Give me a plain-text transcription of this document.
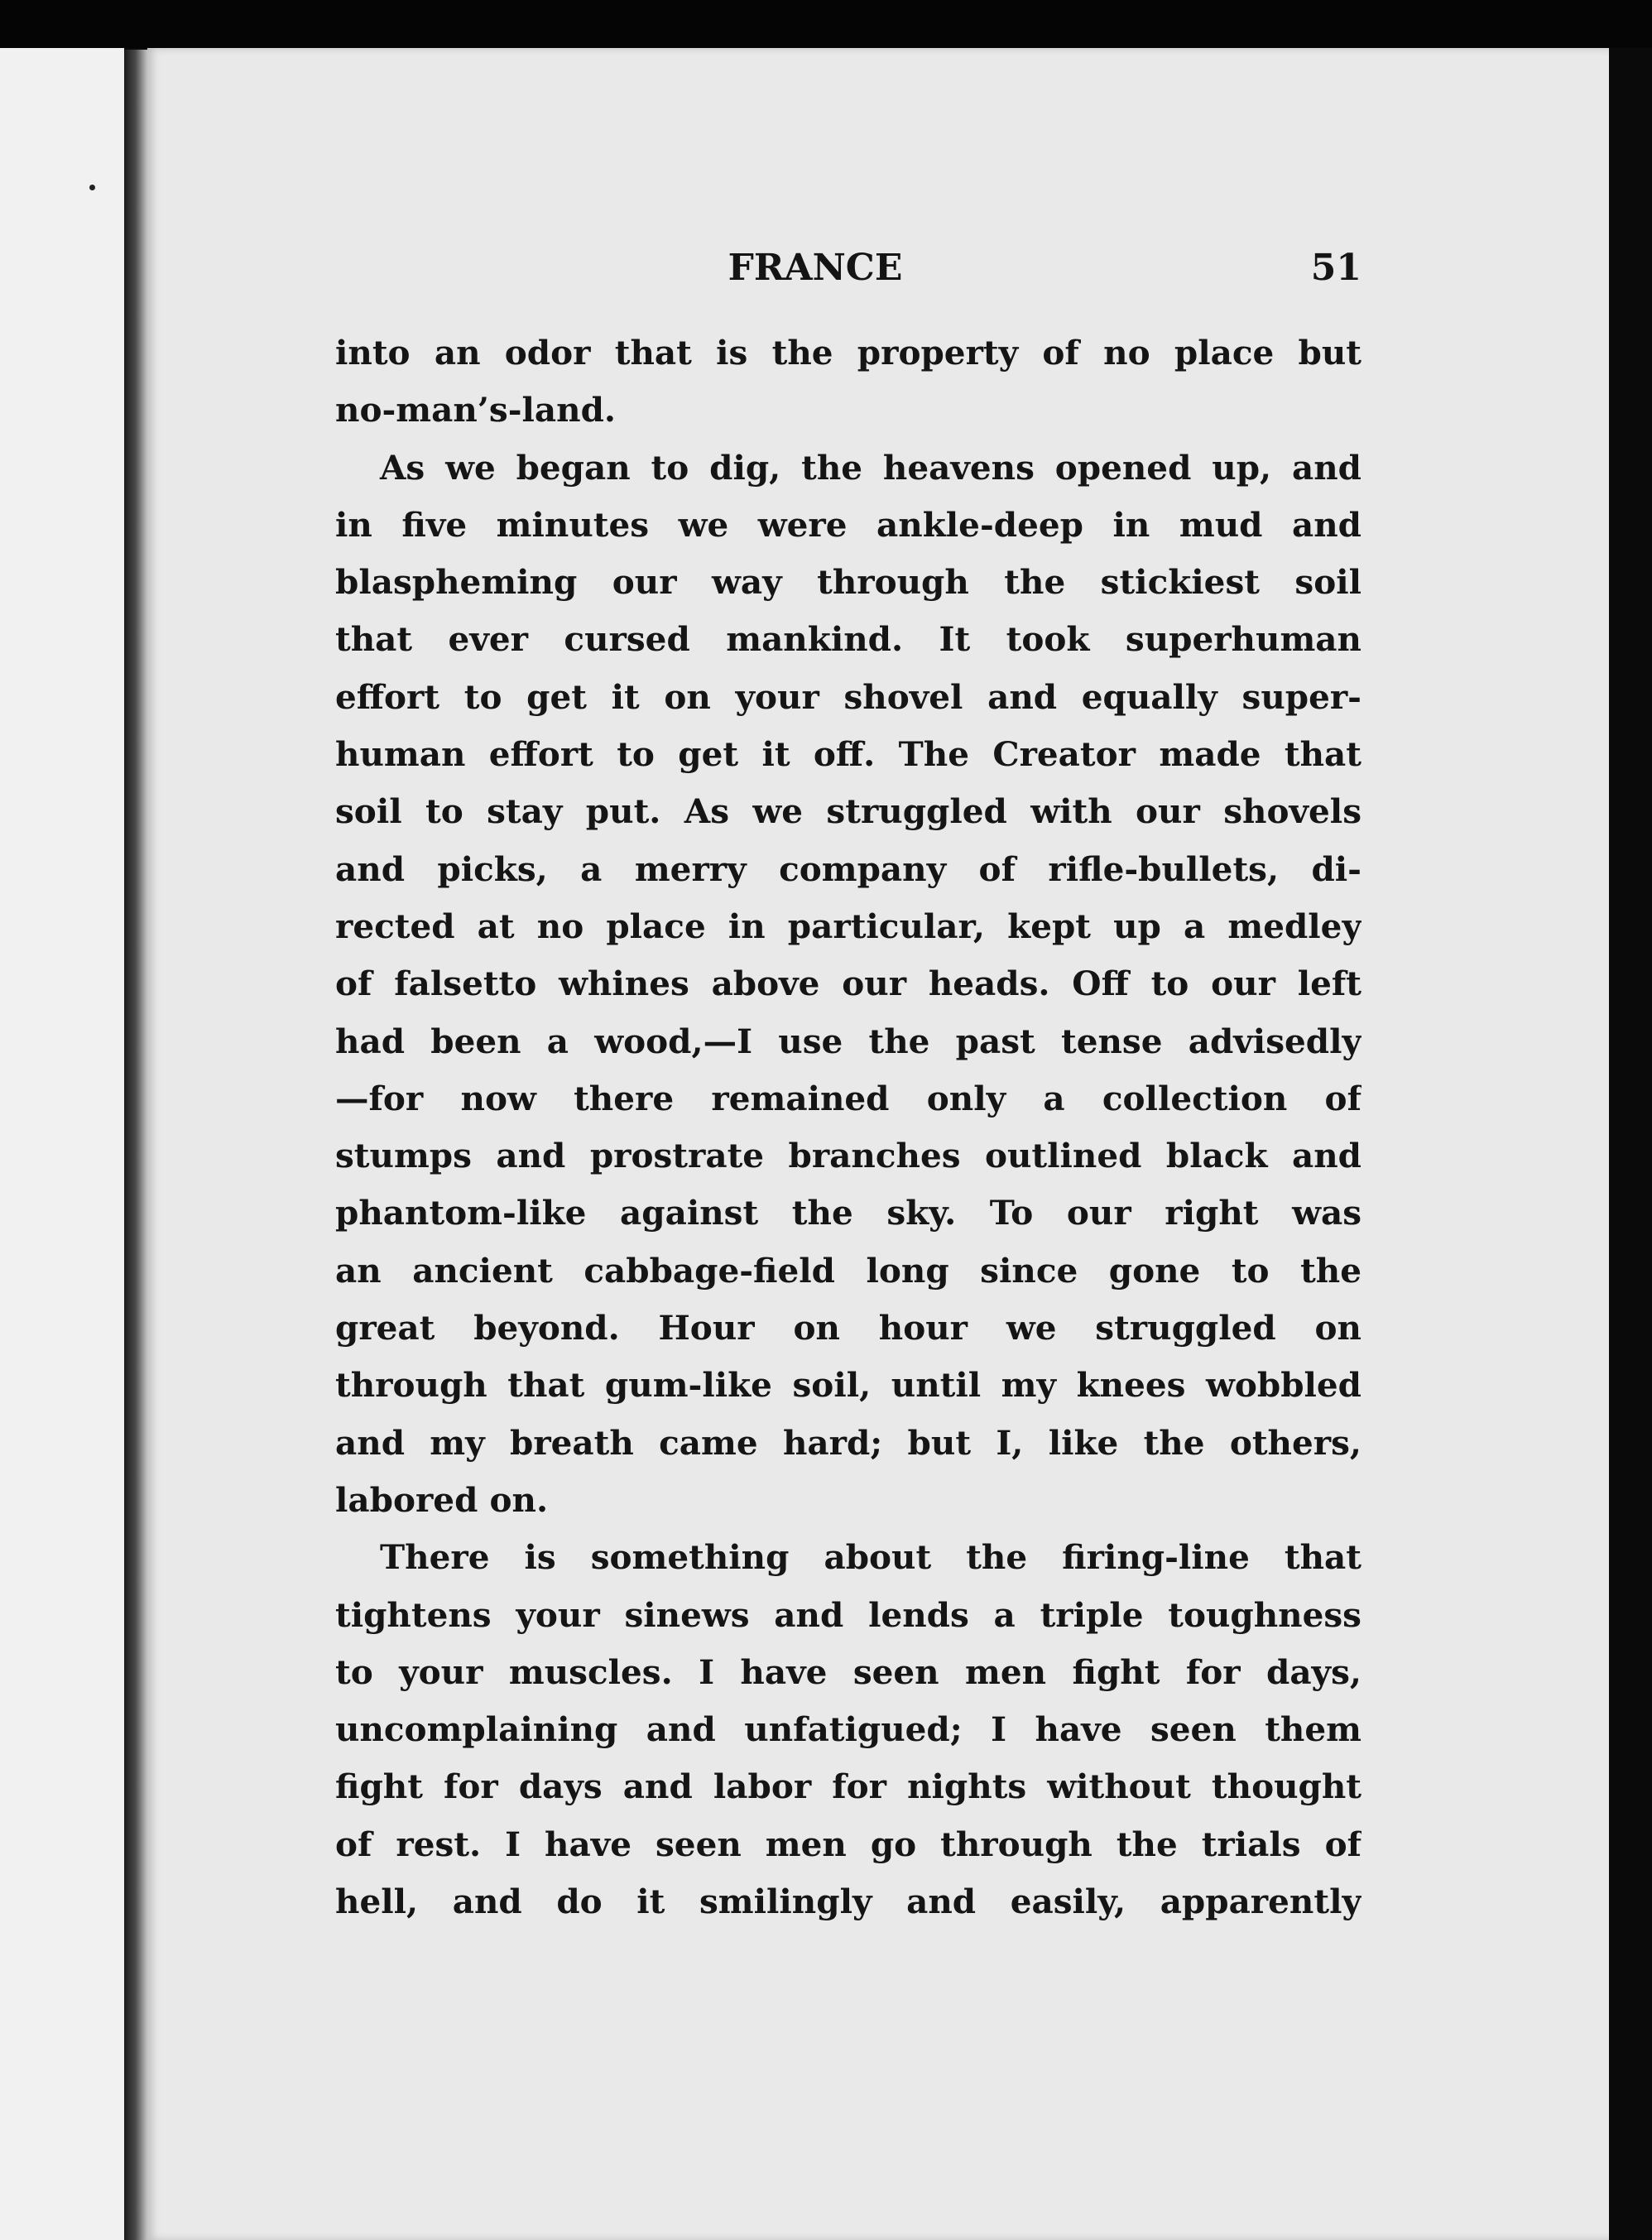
FRANCE	51
into an odor that is the property of no place but
no-man’s-land.
As we began to dig, the heavens opened up, and
in five minutes we were ankle-deep in mud and
blaspheming our way through the stickiest soil
that ever cursed mankind. It took superhuman
effort to get it on your shovel and equally super-
human effort to get it off. The Creator made that
soil to stay put. As we struggled with our shovels
and picks, a merry company of rifle-bullets, di-
rected at no place in particular, kept up a medley
of falsetto whines above our heads. Off to our left
had been a wood,—I use the past tense advisedly
—for now there remained only a collection of
stumps and prostrate branches outlined black and
phantom-like against the sky. To our right was
an ancient cabbage-field long since gone to the
great beyond. Hour on hour we struggled on
through that gum-like soil, until my knees wobbled
and my breath came hard; but I, like the others,
labored on.
There is something about the firing-line that
tightens your sinews and lends a triple toughness
to your muscles. I have seen men fight for days,
uncomplaining and unfatigued; I have seen them
fight for days and labor for nights without thought
of rest. I have seen men go through the trials of
hell, and do it smilingly and easily, apparently
